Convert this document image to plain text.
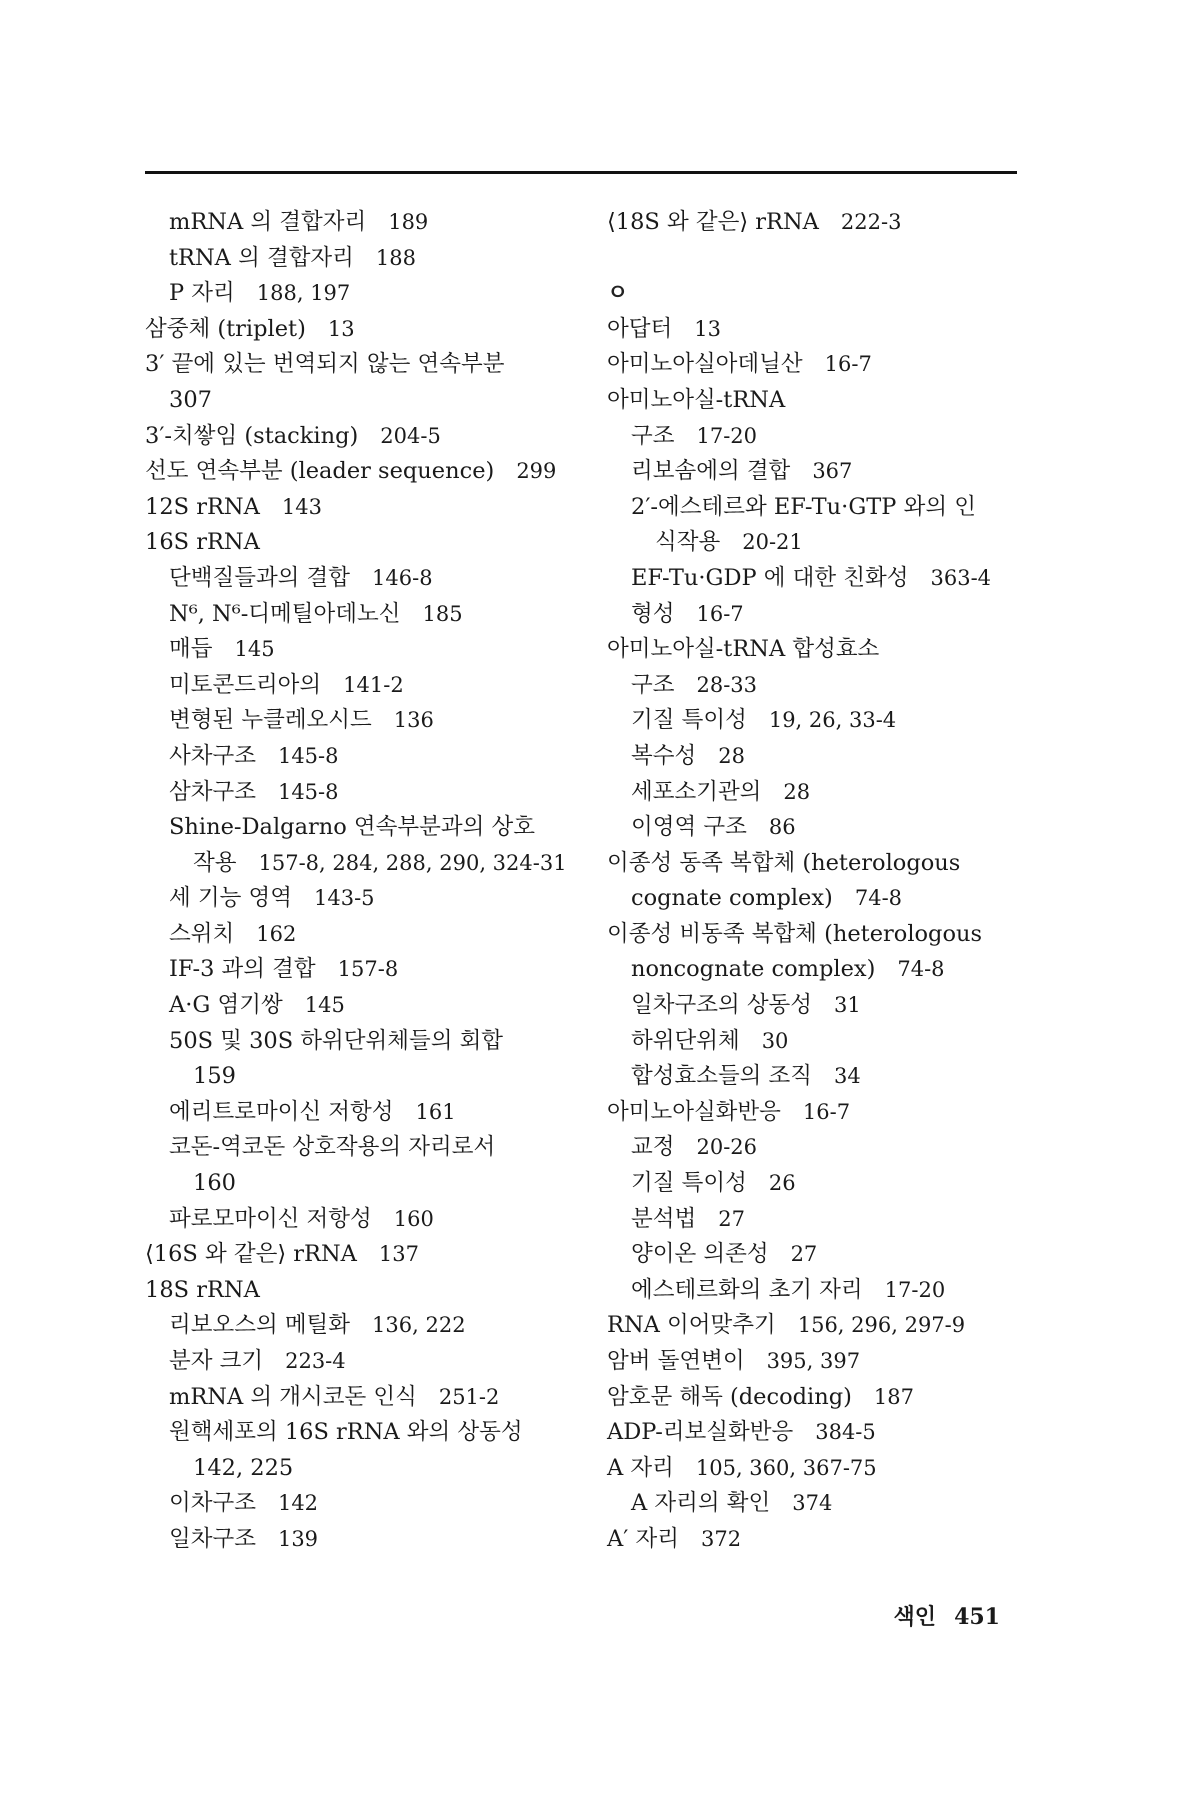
mRNA 의 결합자리 189
tRNA 의 결합자리 188
P 자리 188, 197
삼중체 (triplet) 13
3′ 끝에 있는 번역되지 않는 연속부분
307
3′-치쌓임 (stacking) 204-5
선도 연속부분 (leader sequence) 299
12S rRNA 143
16S rRNA
단백질들과의 결합 146-8
N⁶, N⁶-디메틸아데노신 185
매듭 145
미토콘드리아의 141-2
변형된 누클레오시드 136
사차구조 145-8
삼차구조 145-8
Shine-Dalgarno 연속부분과의 상호
작용 157-8, 284, 288, 290, 324-31
세 기능 영역 143-5
스위치 162
IF-3 과의 결합 157-8
A·G 염기쌍 145
50S 및 30S 하위단위체들의 회합
159
에리트로마이신 저항성 161
코돈-역코돈 상호작용의 자리로서
160
파로모마이신 저항성 160
⟨16S 와 같은⟩ rRNA 137
18S rRNA
리보오스의 메틸화 136, 222
분자 크기 223-4
mRNA 의 개시코돈 인식 251-2
원핵세포의 16S rRNA 와의 상동성
142, 225
이차구조 142
일차구조 139
⟨18S 와 같은⟩ rRNA 222-3
ㅇ
아답터 13
아미노아실아데닐산 16-7
아미노아실-tRNA
구조 17-20
리보솜에의 결합 367
2′-에스테르와 EF-Tu·GTP 와의 인
식작용 20-21
EF-Tu·GDP 에 대한 친화성 363-4
형성 16-7
아미노아실-tRNA 합성효소
구조 28-33
기질 특이성 19, 26, 33-4
복수성 28
세포소기관의 28
이영역 구조 86
이종성 동족 복합체 (heterologous
cognate complex) 74-8
이종성 비동족 복합체 (heterologous
noncognate complex) 74-8
일차구조의 상동성 31
하위단위체 30
합성효소들의 조직 34
아미노아실화반응 16-7
교정 20-26
기질 특이성 26
분석법 27
양이온 의존성 27
에스테르화의 초기 자리 17-20
RNA 이어맞추기 156, 296, 297-9
암버 돌연변이 395, 397
암호문 해독 (decoding) 187
ADP-리보실화반응 384-5
A 자리 105, 360, 367-75
A 자리의 확인 374
A′ 자리 372
색인 451
